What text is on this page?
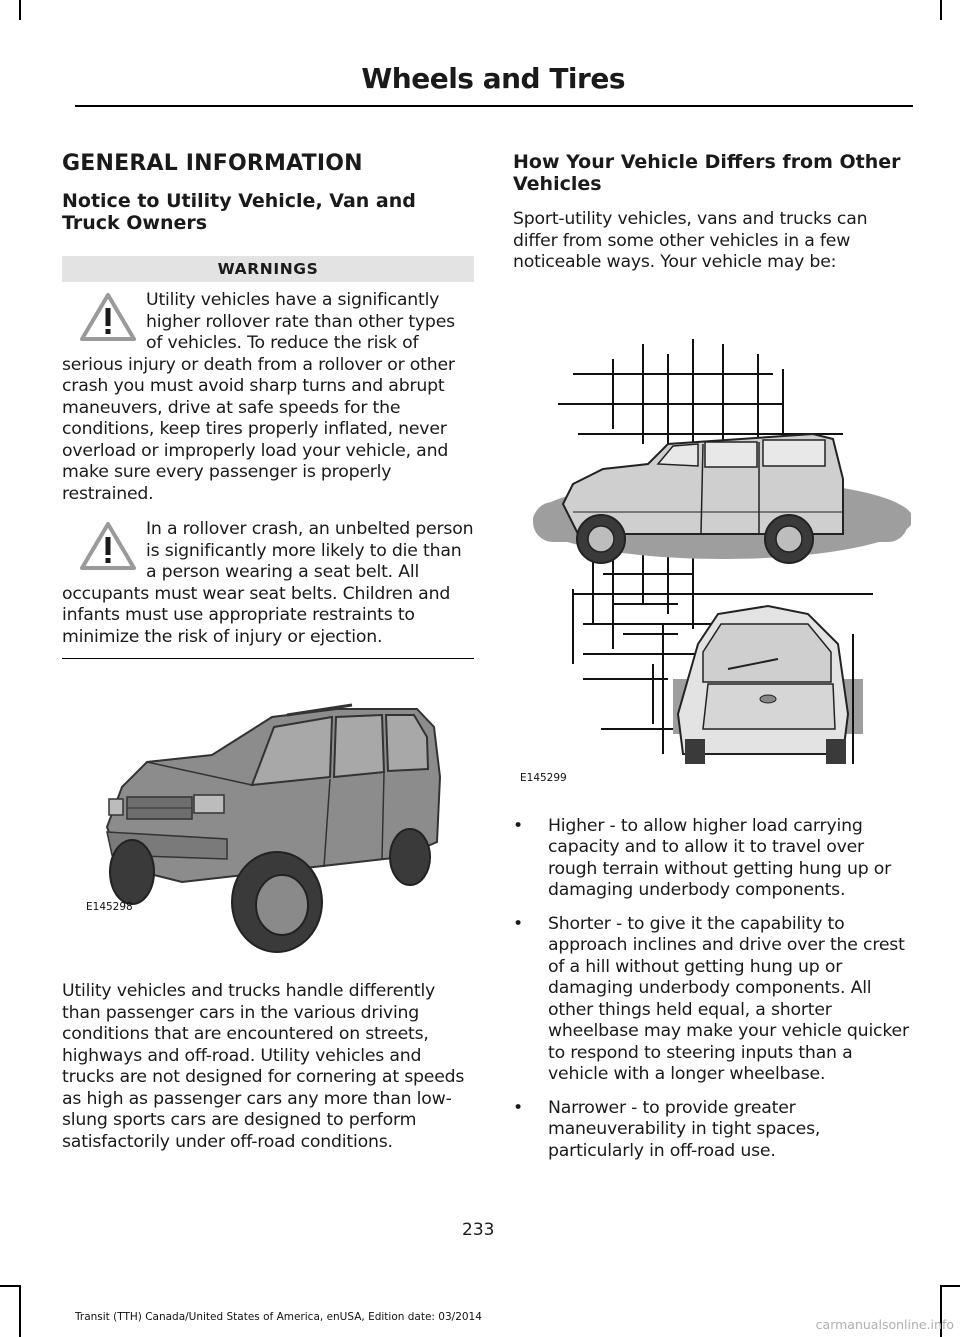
Wheels and Tires
GENERAL INFORMATION
Notice to Utility Vehicle, Van and Truck Owners
WARNINGS
Utility vehicles have a significantly higher rollover rate than other types of vehicles. To reduce the risk of serious injury or death from a rollover or other crash you must avoid sharp turns and abrupt maneuvers, drive at safe speeds for the conditions, keep tires properly inflated, never overload or improperly load your vehicle, and make sure every passenger is properly restrained.
In a rollover crash, an unbelted person is significantly more likely to die than a person wearing a seat belt. All occupants must wear seat belts. Children and infants must use appropriate restraints to minimize the risk of injury or ejection.
E145298

Utility vehicles and trucks handle differently than passenger cars in the various driving conditions that are encountered on streets, highways and off-road. Utility vehicles and trucks are not designed for cornering at speeds as high as passenger cars any more than low-slung sports cars are designed to perform satisfactorily under off-road conditions.

How Your Vehicle Differs from Other Vehicles

Sport-utility vehicles, vans and trucks can differ from some other vehicles in a few noticeable ways. Your vehicle may be:

E145299
• Higher - to allow higher load carrying capacity and to allow it to travel over rough terrain without getting hung up or damaging underbody components.
• Shorter - to give it the capability to approach inclines and drive over the crest of a hill without getting hung up or damaging underbody components. All other things held equal, a shorter wheelbase may make your vehicle quicker to respond to steering inputs than a vehicle with a longer wheelbase.
• Narrower - to provide greater maneuverability in tight spaces, particularly in off-road use.
233
Transit (TTH) Canada/United States of America, enUSA, Edition date: 03/2014	carmanualsonline.info
